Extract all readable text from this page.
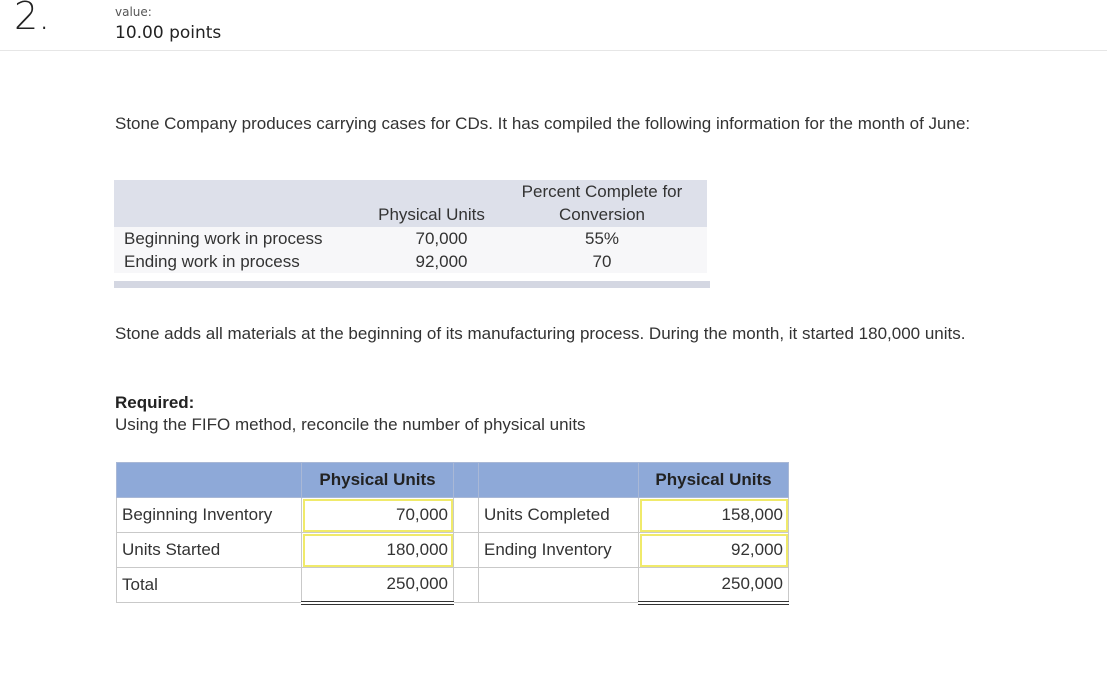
2.	value:
10.00 points
Stone Company produces carrying cases for CDs. It has compiled the following information for the month of June:
Physical Units
Percent Complete for
Conversion
Beginning work in process	70,000	55%
Ending work in process	92,000	70
Stone adds all materials at the beginning of its manufacturing process. During the month, it started 180,000 units.
Required:
Using the FIFO method, reconcile the number of physical units
	Physical Units			Physical Units
Beginning Inventory	70,000		Units Completed	158,000
Units Started	180,000		Ending Inventory	92,000
Total	250,000			250,000
